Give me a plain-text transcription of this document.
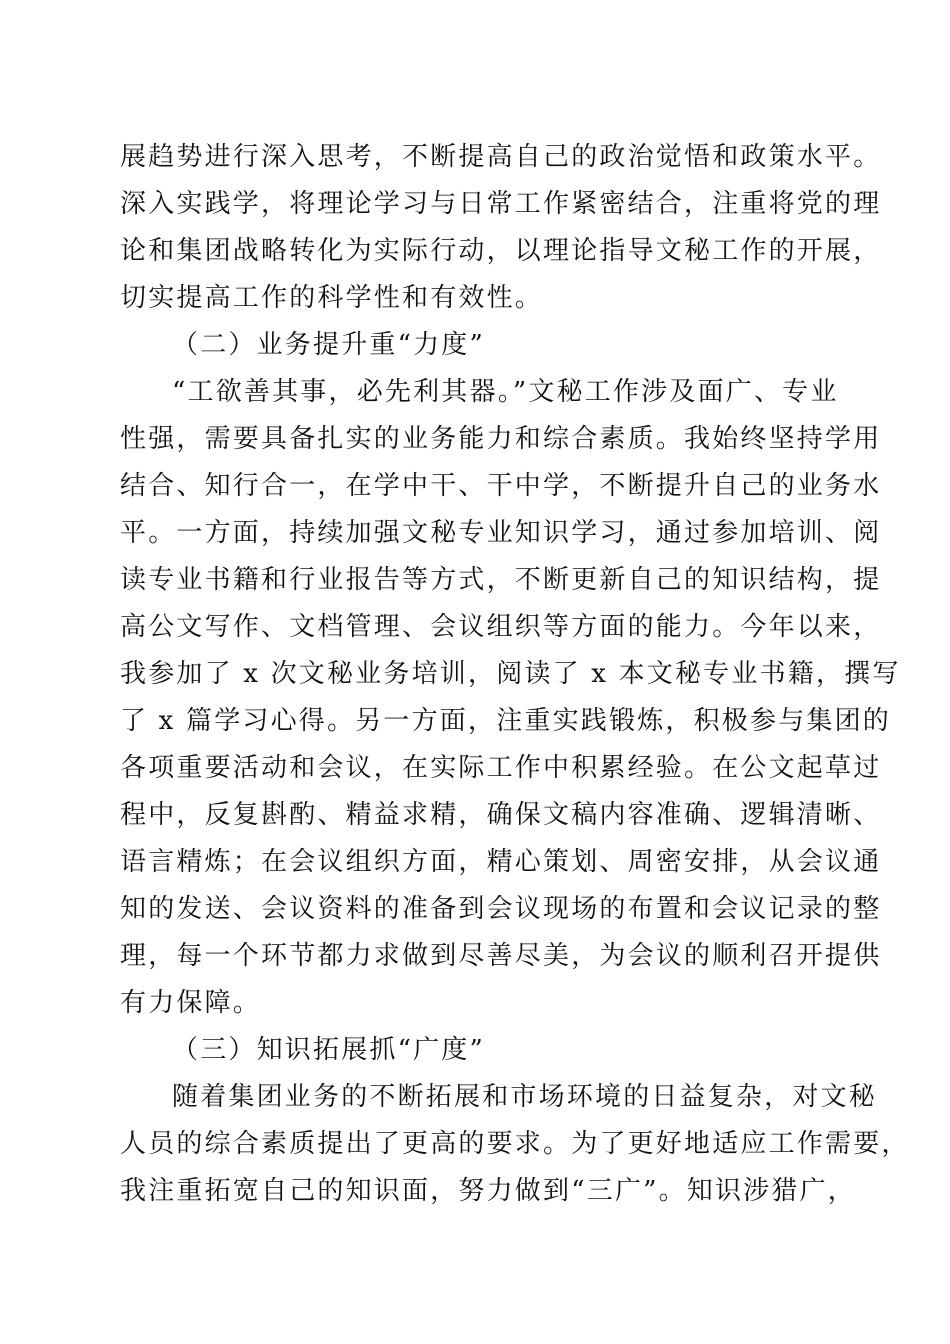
展趋势进行深入思考，不断提高自己的政治觉悟和政策水平。
深入实践学，将理论学习与日常工作紧密结合，注重将党的理
论和集团战略转化为实际行动，以理论指导文秘工作的开展，
切实提高工作的科学性和有效性。
（二）业务提升重“力度”
“工欲善其事，必先利其器。”文秘工作涉及面广、专业
性强，需要具备扎实的业务能力和综合素质。我始终坚持学用
结合、知行合一，在学中干、干中学，不断提升自己的业务水
平。一方面，持续加强文秘专业知识学习，通过参加培训、阅
读专业书籍和行业报告等方式，不断更新自己的知识结构，提
高公文写作、文档管理、会议组织等方面的能力。今年以来，
我参加了 x 次文秘业务培训，阅读了 x 本文秘专业书籍，撰写
了 x 篇学习心得。另一方面，注重实践锻炼，积极参与集团的
各项重要活动和会议，在实际工作中积累经验。在公文起草过
程中，反复斟酌、精益求精，确保文稿内容准确、逻辑清晰、
语言精炼；在会议组织方面，精心策划、周密安排，从会议通
知的发送、会议资料的准备到会议现场的布置和会议记录的整
理，每一个环节都力求做到尽善尽美，为会议的顺利召开提供
有力保障。
（三）知识拓展抓“广度”
随着集团业务的不断拓展和市场环境的日益复杂，对文秘
人员的综合素质提出了更高的要求。为了更好地适应工作需要，
我注重拓宽自己的知识面，努力做到“三广”。知识涉猎广，
